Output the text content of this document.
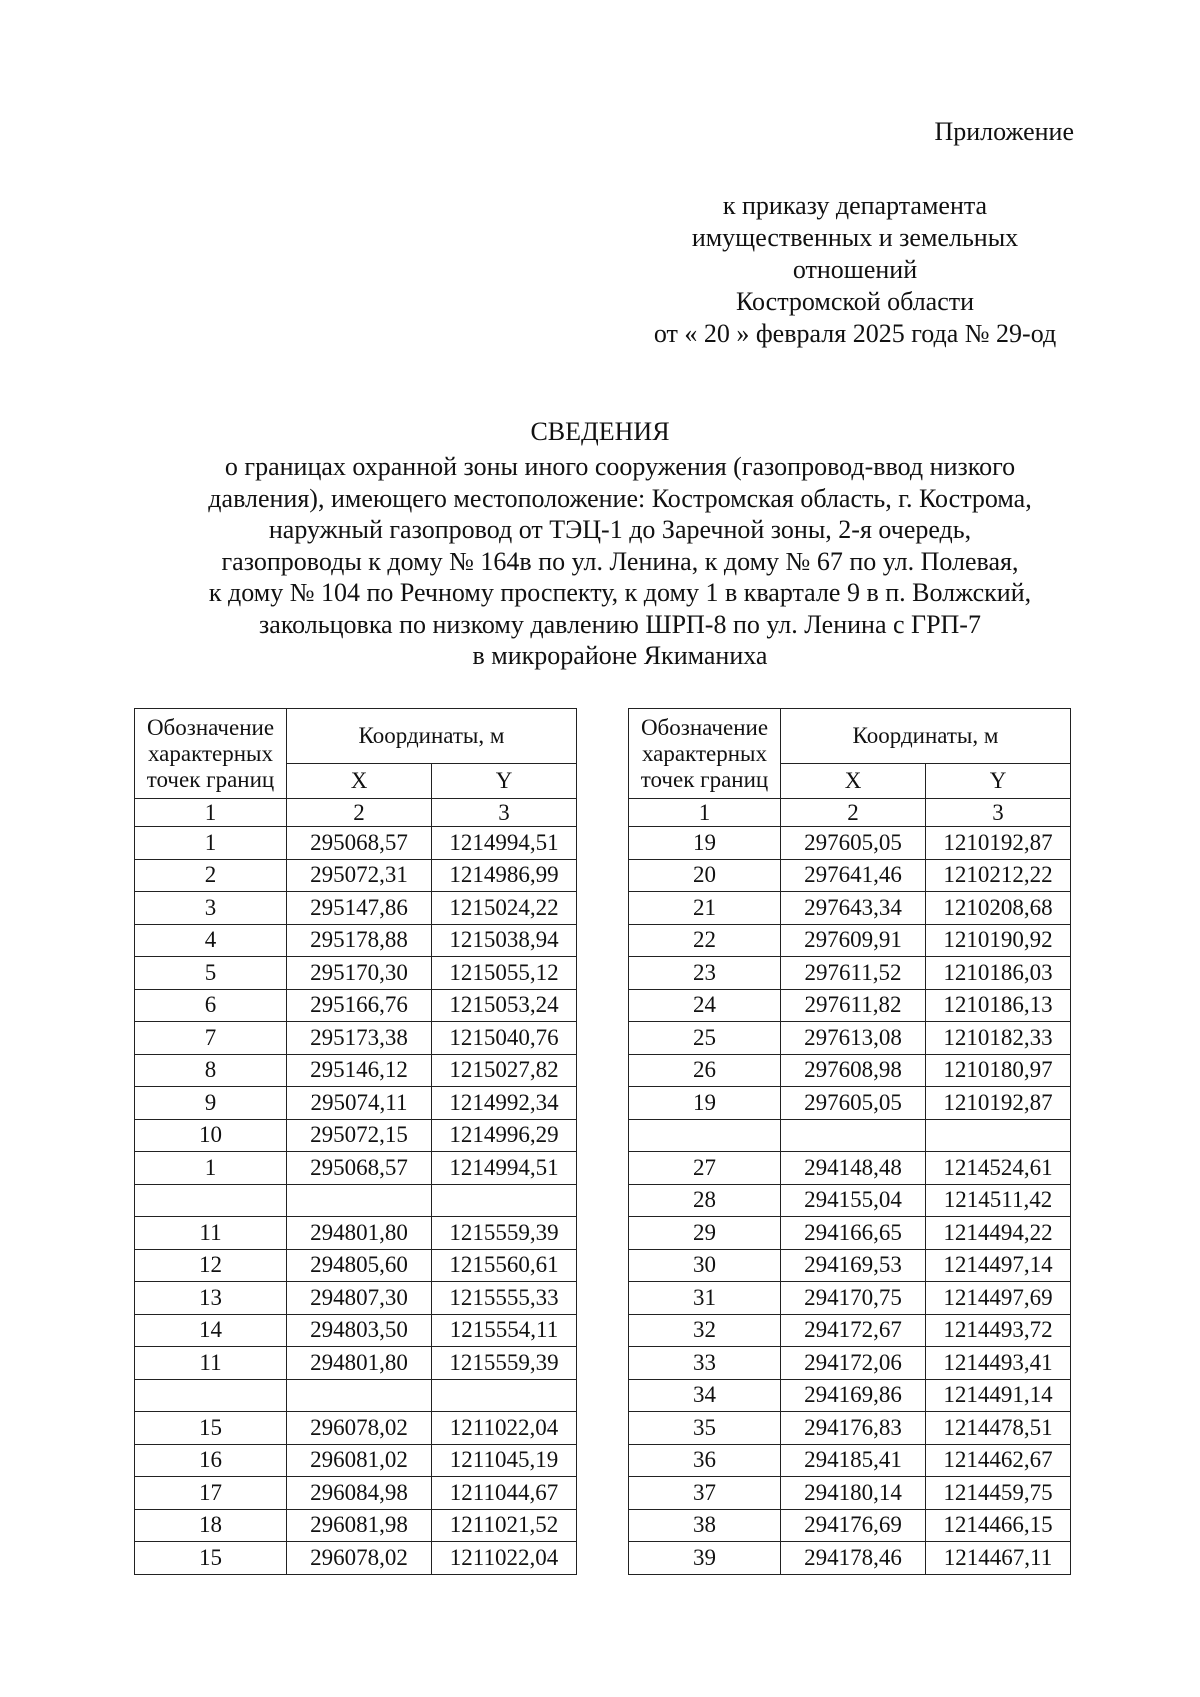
Приложение
к приказу департамента
имущественных и земельных
отношений
Костромской области
от « 20 » февраля 2025 года № 29-од
СВЕДЕНИЯ
о границах охранной зоны иного сооружения (газопровод-ввод низкого
давления), имеющего местоположение: Костромская область, г. Кострома,
наружный газопровод от ТЭЦ-1 до Заречной зоны, 2-я очередь,
газопроводы к дому № 164в по ул. Ленина, к дому № 67 по ул. Полевая,
к дому № 104 по Речному проспекту, к дому 1 в квартале 9 в п. Волжский,
закольцовка по низкому давлению ШРП-8 по ул. Ленина с ГРП-7
в микрорайоне Якиманиха
Обозначение характерных точек границ	Координаты, м	
	X	Y
1	2	3
1	295068,57	1214994,51
2	295072,31	1214986,99
3	295147,86	1215024,22
4	295178,88	1215038,94
5	295170,30	1215055,12
6	295166,76	1215053,24
7	295173,38	1215040,76
8	295146,12	1215027,82
9	295074,11	1214992,34
10	295072,15	1214996,29
1	295068,57	1214994,51

11	294801,80	1215559,39
12	294805,60	1215560,61
13	294807,30	1215555,33
14	294803,50	1215554,11
11	294801,80	1215559,39

15	296078,02	1211022,04
16	296081,02	1211045,19
17	296084,98	1211044,67
18	296081,98	1211021,52
15	296078,02	1211022,04
Обозначение характерных точек границ	Координаты, м	
	X	Y
1	2	3
19	297605,05	1210192,87
20	297641,46	1210212,22
21	297643,34	1210208,68
22	297609,91	1210190,92
23	297611,52	1210186,03
24	297611,82	1210186,13
25	297613,08	1210182,33
26	297608,98	1210180,97
19	297605,05	1210192,87

27	294148,48	1214524,61
28	294155,04	1214511,42
29	294166,65	1214494,22
30	294169,53	1214497,14
31	294170,75	1214497,69
32	294172,67	1214493,72
33	294172,06	1214493,41
34	294169,86	1214491,14
35	294176,83	1214478,51
36	294185,41	1214462,67
37	294180,14	1214459,75
38	294176,69	1214466,15
39	294178,46	1214467,11
